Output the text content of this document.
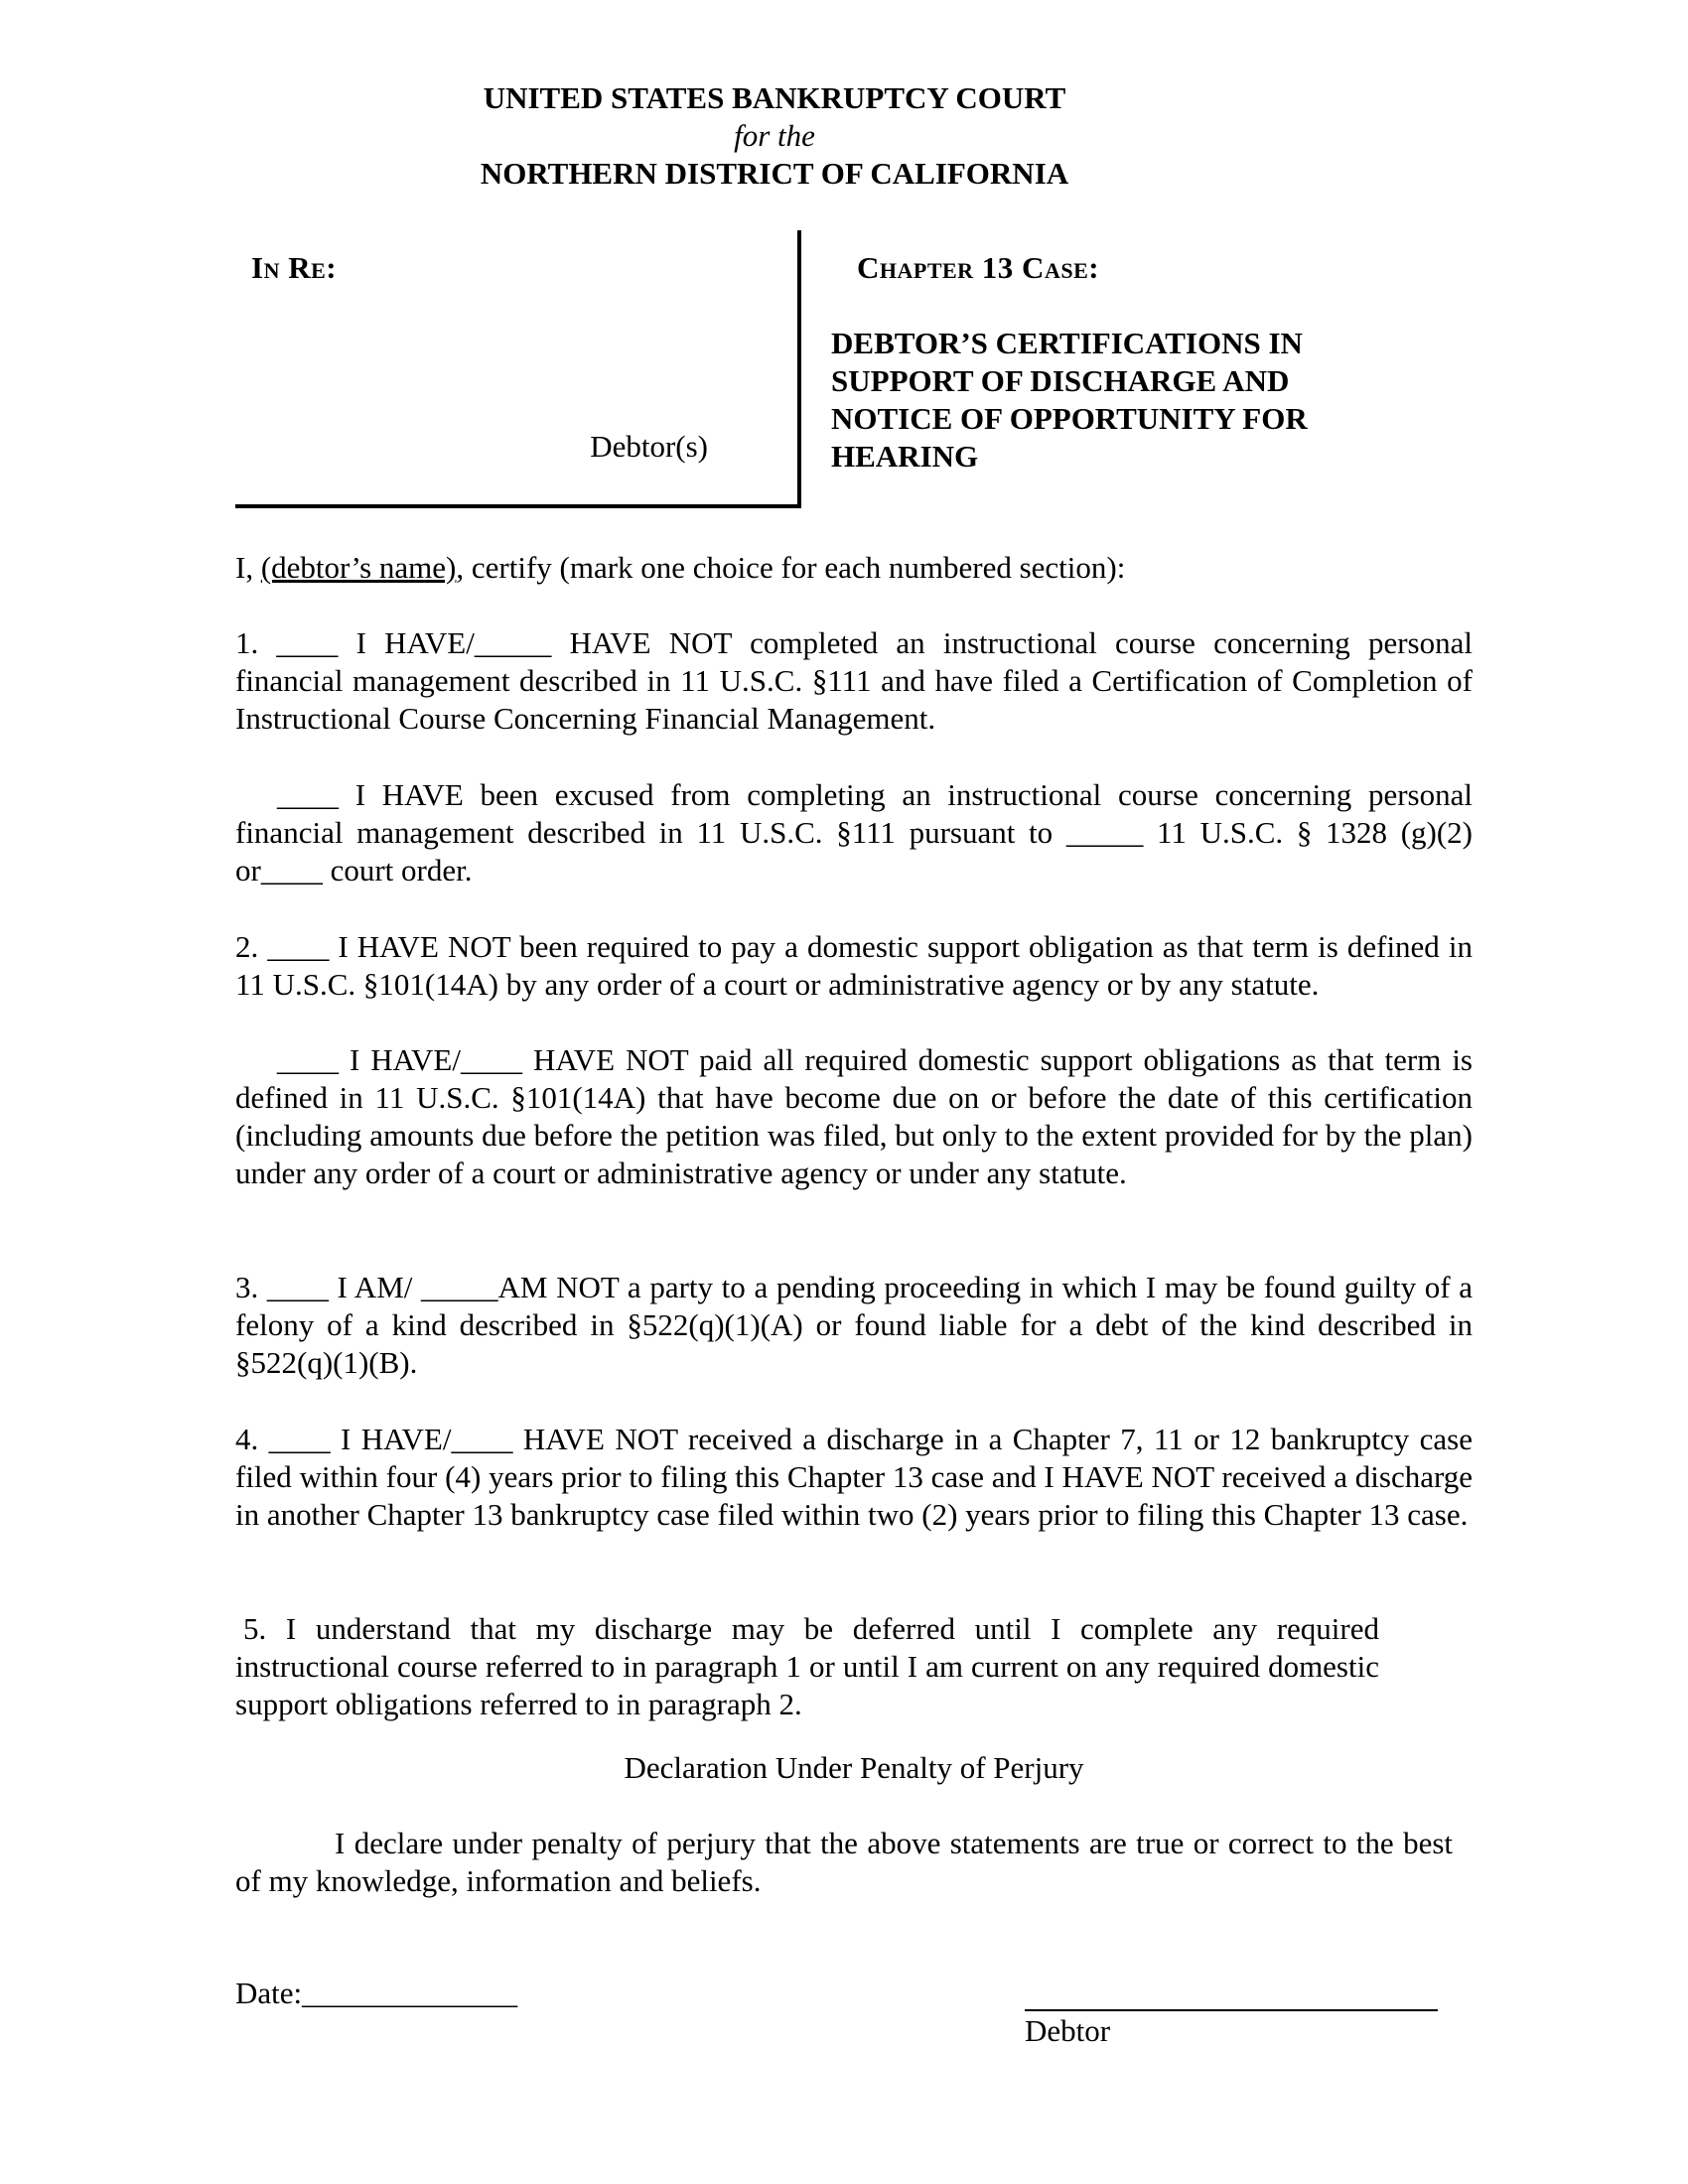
UNITED STATES BANKRUPTCY COURT
for the
NORTHERN DISTRICT OF CALIFORNIA
In Re:
Debtor(s)
Chapter 13 Case:
DEBTOR’S CERTIFICATIONS IN
SUPPORT OF DISCHARGE AND
NOTICE OF OPPORTUNITY FOR
HEARING

I, (debtor’s name), certify (mark one choice for each numbered section):

1. ____ I HAVE/_____ HAVE NOT completed an instructional course concerning personal financial management described in 11 U.S.C. §111 and have filed a Certification of Completion of Instructional Course Concerning Financial Management.

____ I HAVE been excused from completing an instructional course concerning personal financial management described in 11 U.S.C. §111 pursuant to _____ 11 U.S.C. § 1328 (g)(2) or____ court order.

2. ____ I HAVE NOT been required to pay a domestic support obligation as that term is defined in 11 U.S.C. §101(14A) by any order of a court or administrative agency or by any statute.

____ I HAVE/____ HAVE NOT paid all required domestic support obligations as that term is defined in 11 U.S.C. §101(14A) that have become due on or before the date of this certification (including amounts due before the petition was filed, but only to the extent provided for by the plan) under any order of a court or administrative agency or under any statute.

3. ____ I AM/ _____AM NOT a party to a pending proceeding in which I may be found guilty of a felony of a kind described in §522(q)(1)(A) or found liable for a debt of the kind described in §522(q)(1)(B).

4. ____ I HAVE/____ HAVE NOT received a discharge in a Chapter 7, 11 or 12 bankruptcy case filed within four (4) years prior to filing this Chapter 13 case and I HAVE NOT received a discharge in another Chapter 13 bankruptcy case filed within two (2) years prior to filing this Chapter 13 case.

5. I understand that my discharge may be deferred until I complete any required instructional course referred to in paragraph 1 or until I am current on any required domestic support obligations referred to in paragraph 2.

Declaration Under Penalty of Perjury

I declare under penalty of perjury that the above statements are true or correct to the best of my knowledge, information and beliefs.

Date:______________
Debtor
